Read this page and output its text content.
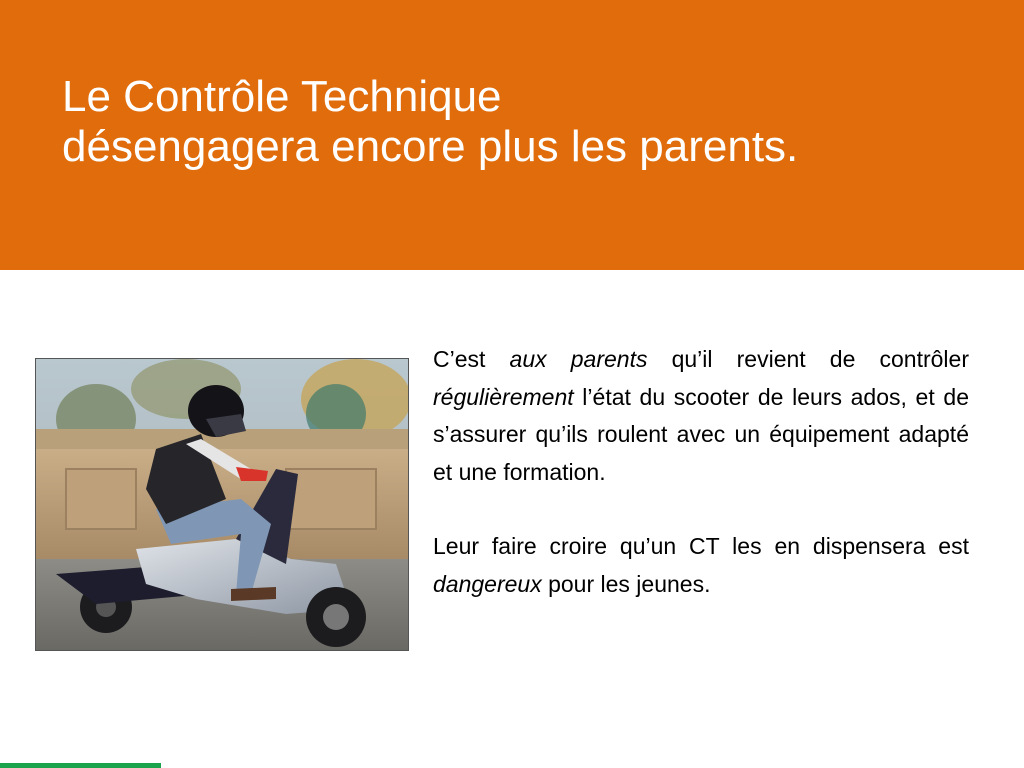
Le Contrôle Technique
désengagera encore plus les parents.

C’est aux parents qu’il revient de contrôler régulièrement l’état du scooter de leurs ados, et de s’assurer qu’ils roulent avec un équipement adapté et une formation.

Leur faire croire qu’un CT les en dispensera est dangereux pour les jeunes.
